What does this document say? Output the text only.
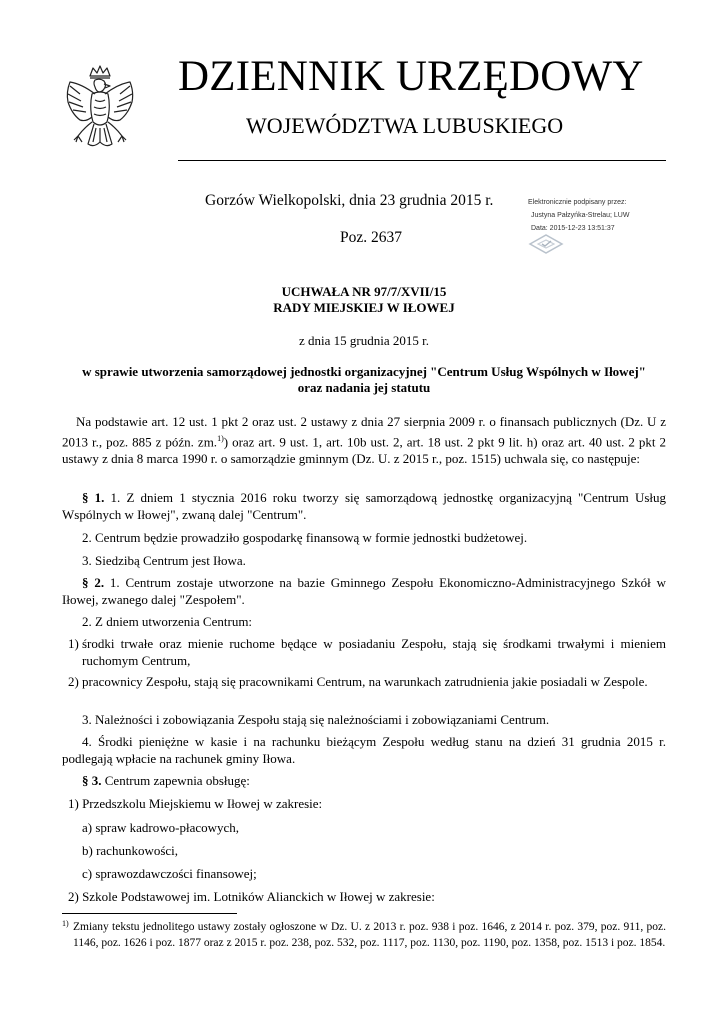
DZIENNIK URZĘDOWY
WOJEWÓDZTWA LUBUSKIEGO
Gorzów Wielkopolski, dnia 23 grudnia 2015 r.
Poz. 2637
Elektronicznie podpisany przez:
Justyna Pałzyńka-Strelau; LUW
Data: 2015-12-23 13:51:37
UCHWAŁA NR 97/7/XVII/15
RADY MIEJSKIEJ W IŁOWEJ
z dnia 15 grudnia 2015 r.
w sprawie utworzenia samorządowej jednostki organizacyjnej "Centrum Usług Wspólnych w Iłowej"
oraz nadania jej statutu
Na podstawie art. 12 ust. 1 pkt 2 oraz ust. 2 ustawy z dnia 27 sierpnia 2009 r. o finansach publicznych (Dz. U z 2013 r., poz. 885 z późn. zm.$^{1)}$) oraz art. 9 ust. 1, art. 10b ust. 2, art. 18 ust. 2 pkt 9 lit. h) oraz art. 40 ust. 2 pkt 2 ustawy z dnia 8 marca 1990 r. o samorządzie gminnym (Dz. U. z 2015 r., poz. 1515) uchwala się, co następuje:
§ 1. 1. Z dniem 1 stycznia 2016 roku tworzy się samorządową jednostkę organizacyjną "Centrum Usług Wspólnych w Iłowej", zwaną dalej "Centrum".
2. Centrum będzie prowadziło gospodarkę finansową w formie jednostki budżetowej.
3. Siedzibą Centrum jest Iłowa.
§ 2. 1. Centrum zostaje utworzone na bazie Gminnego Zespołu Ekonomiczno-Administracyjnego Szkół w Iłowej, zwanego dalej "Zespołem".
2. Z dniem utworzenia Centrum:
1) środki trwałe oraz mienie ruchome będące w posiadaniu Zespołu, stają się środkami trwałymi i mieniem ruchomym Centrum,
2) pracownicy Zespołu, stają się pracownikami Centrum, na warunkach zatrudnienia jakie posiadali w Zespole.
3. Należności i zobowiązania Zespołu stają się należnościami i zobowiązaniami Centrum.
4. Środki pieniężne w kasie i na rachunku bieżącym Zespołu według stanu na dzień 31 grudnia 2015 r. podlegają wpłacie na rachunek gminy Iłowa.
§ 3. Centrum zapewnia obsługę:
1) Przedszkolu Miejskiemu w Iłowej w zakresie:
a) spraw kadrowo-płacowych,
b) rachunkowości,
c) sprawozdawczości finansowej;
2) Szkole Podstawowej im. Lotników Alianckich w Iłowej w zakresie:
$^{1)}$ Zmiany tekstu jednolitego ustawy zostały ogłoszone w Dz. U. z 2013 r. poz. 938 i poz. 1646, z 2014 r. poz. 379, poz. 911, poz. 1146, poz. 1626 i poz. 1877 oraz z 2015 r. poz. 238, poz. 532, poz. 1117, poz. 1130, poz. 1190, poz. 1358, poz. 1513 i poz. 1854.
